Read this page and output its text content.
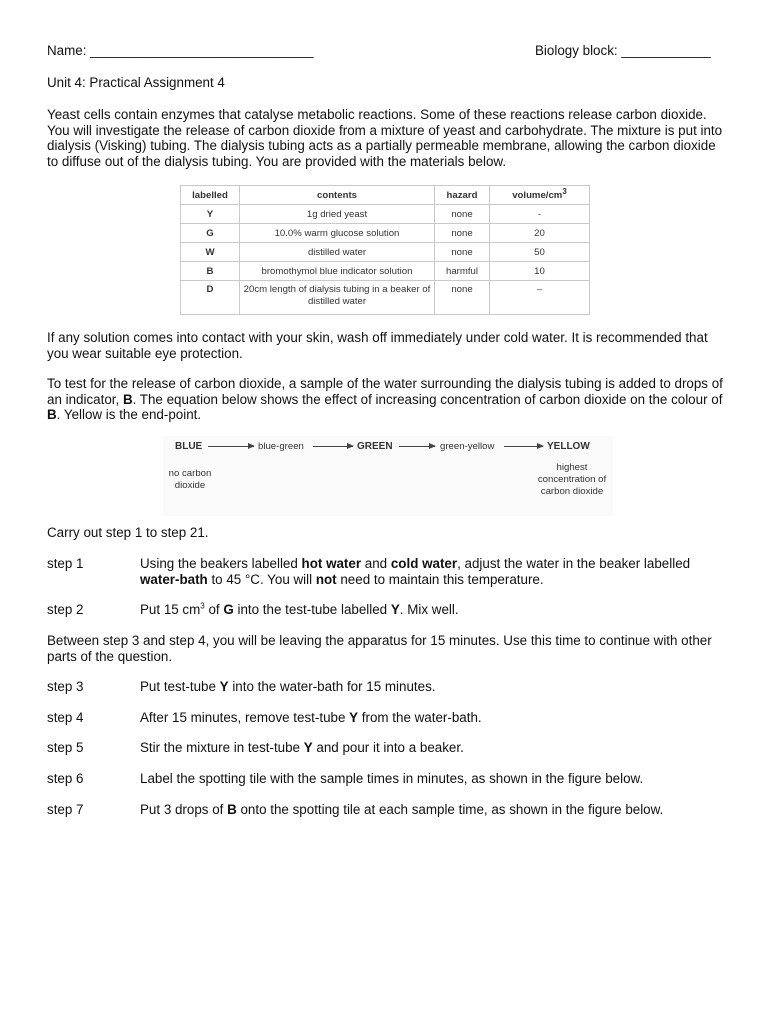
Name: ______________________________	Biology block: ____________
Unit 4: Practical Assignment 4
Yeast cells contain enzymes that catalyse metabolic reactions. Some of these reactions release carbon dioxide. You will investigate the release of carbon dioxide from a mixture of yeast and carbohydrate. The mixture is put into dialysis (Visking) tubing. The dialysis tubing acts as a partially permeable membrane, allowing the carbon dioxide to diffuse out of the dialysis tubing. You are provided with the materials below.
labelled	contents	hazard	volume/$cm^3$
Y	1g dried yeast	none	-
G	10.0% warm glucose solution	none	20
W	distilled water	none	50
B	bromothymol blue indicator solution	harmful	10
D	20cm length of dialysis tubing in a beaker of distilled water	none	–
If any solution comes into contact with your skin, wash off immediately under cold water. It is recommended that you wear suitable eye protection.
To test for the release of carbon dioxide, a sample of the water surrounding the dialysis tubing is added to drops of an indicator, B. The equation below shows the effect of increasing concentration of carbon dioxide on the colour of B. Yellow is the end-point.
BLUE	blue-green	GREEN	green-yellow	YELLOW
no carbon dioxide
highest concentration of carbon dioxide
Carry out step 1 to step 21.
step 1	Using the beakers labelled hot water and cold water, adjust the water in the beaker labelled water-bath to 45 °C. You will not need to maintain this temperature.
step 2	Put 15 $cm^3$ of G into the test-tube labelled Y. Mix well.
Between step 3 and step 4, you will be leaving the apparatus for 15 minutes. Use this time to continue with other parts of the question.
step 3	Put test-tube Y into the water-bath for 15 minutes.
step 4	After 15 minutes, remove test-tube Y from the water-bath.
step 5	Stir the mixture in test-tube Y and pour it into a beaker.
step 6	Label the spotting tile with the sample times in minutes, as shown in the figure below.
step 7	Put 3 drops of B onto the spotting tile at each sample time, as shown in the figure below.
